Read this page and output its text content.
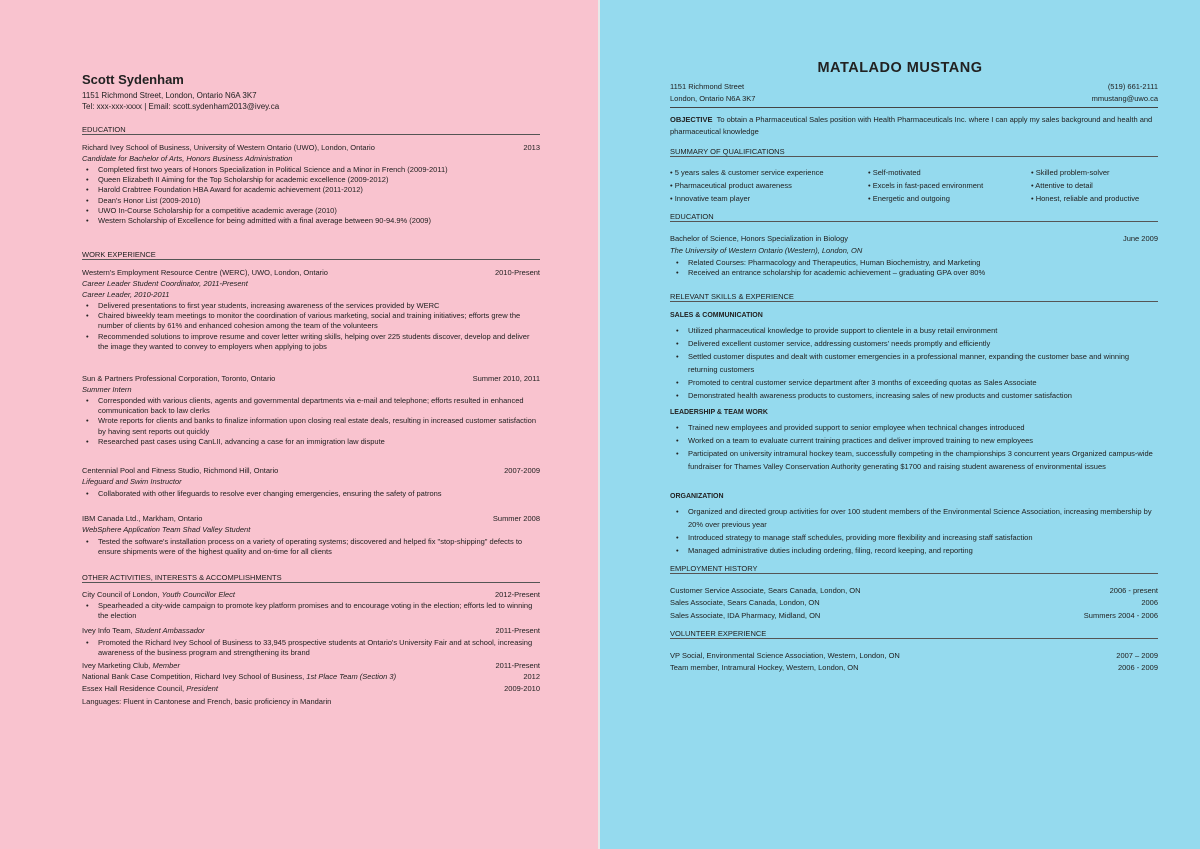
Scott Sydenham
1151 Richmond Street, London, Ontario N6A 3K7
Tel: xxx-xxx-xxxx | Email: scott.sydenham2013@ivey.ca
EDUCATION
Richard Ivey School of Business, University of Western Ontario (UWO), London, Ontario	2013
Candidate for Bachelor of Arts, Honors Business Administration
• Completed first two years of Honors Specialization in Political Science and a Minor in French (2009-2011)
• Queen Elizabeth II Aiming for the Top Scholarship for academic excellence (2009-2012)
• Harold Crabtree Foundation HBA Award for academic achievement (2011-2012)
• Dean's Honor List (2009-2010)
• UWO In-Course Scholarship for a competitive academic average (2010)
• Western Scholarship of Excellence for being admitted with a final average between 90-94.9% (2009)
WORK EXPERIENCE
Western's Employment Resource Centre (WERC), UWO, London, Ontario	2010-Present
Career Leader Student Coordinator, 2011-Present
Career Leader, 2010-2011
• Delivered presentations to first year students, increasing awareness of the services provided by WERC
• Chaired biweekly team meetings to monitor the coordination of various marketing, social and training initiatives; efforts grew the number of clients by 61% and enhanced cohesion among the team of the volunteers
• Recommended solutions to improve resume and cover letter writing skills, helping over 225 students discover, develop and deliver the image they wanted to convey to employers when applying to jobs
Sun & Partners Professional Corporation, Toronto, Ontario	Summer 2010, 2011
Summer Intern
• Corresponded with various clients, agents and governmental departments via e-mail and telephone; efforts resulted in enhanced communication back to law clerks
• Wrote reports for clients and banks to finalize information upon closing real estate deals, resulting in increased customer satisfaction by having sent reports out quickly
• Researched past cases using CanLII, advancing a case for an immigration law dispute
Centennial Pool and Fitness Studio, Richmond Hill, Ontario	2007-2009
Lifeguard and Swim Instructor
• Collaborated with other lifeguards to resolve ever changing emergencies, ensuring the safety of patrons
IBM Canada Ltd., Markham, Ontario	Summer 2008
WebSphere Application Team Shad Valley Student
• Tested the software's installation process on a variety of operating systems; discovered and helped fix "stop-shipping" defects to ensure shipments were of the highest quality and on-time for all clients
OTHER ACTIVITIES, INTERESTS & ACCOMPLISHMENTS
City Council of London, Youth Councillor Elect	2012-Present
• Spearheaded a city-wide campaign to promote key platform promises and to encourage voting in the election; efforts led to winning the election
Ivey Info Team, Student Ambassador	2011-Present
• Promoted the Richard Ivey School of Business to 33,945 prospective students at Ontario's University Fair and at school, increasing awareness of the business program and strengthening its brand
Ivey Marketing Club, Member	2011-Present
National Bank Case Competition, Richard Ivey School of Business, 1st Place Team (Section 3)	2012
Essex Hall Residence Council, President	2009-2010
Languages: Fluent in Cantonese and French, basic proficiency in Mandarin
MATALADO MUSTANG
1151 Richmond Street	(519) 661-2111
London, Ontario N6A 3K7	mmustang@uwo.ca
OBJECTIVE To obtain a Pharmaceutical Sales position with Health Pharmaceuticals Inc. where I can apply my sales background and health and pharmaceutical knowledge
SUMMARY OF QUALIFICATIONS
• 5 years sales & customer service experience	• Self-motivated	• Skilled problem-solver
• Pharmaceutical product awareness	• Excels in fast-paced environment	• Attentive to detail
• Innovative team player	• Energetic and outgoing	• Honest, reliable and productive
EDUCATION
Bachelor of Science, Honors Specialization in Biology	June 2009
The University of Western Ontario (Western), London, ON
• Related Courses: Pharmacology and Therapeutics, Human Biochemistry, and Marketing
• Received an entrance scholarship for academic achievement – graduating GPA over 80%
RELEVANT SKILLS & EXPERIENCE
SALES & COMMUNICATION
• Utilized pharmaceutical knowledge to provide support to clientele in a busy retail environment
• Delivered excellent customer service, addressing customers' needs promptly and efficiently
• Settled customer disputes and dealt with customer emergencies in a professional manner, expanding the customer base and winning returning customers
• Promoted to central customer service department after 3 months of exceeding quotas as Sales Associate
• Demonstrated health awareness products to customers, increasing sales of new products and customer satisfaction
LEADERSHIP & TEAM WORK
• Trained new employees and provided support to senior employee when technical changes introduced
• Worked on a team to evaluate current training practices and deliver improved training to new employees
• Participated on university intramural hockey team, successfully competing in the championships 3 concurrent years Organized campus-wide fundraiser for Thames Valley Conservation Authority generating $1700 and raising student awareness of environmental issues
ORGANIZATION
• Organized and directed group activities for over 100 student members of the Environmental Science Association, increasing membership by 20% over previous year
• Introduced strategy to manage staff schedules, providing more flexibility and increasing staff satisfaction
• Managed administrative duties including ordering, filing, record keeping, and reporting
EMPLOYMENT HISTORY
Customer Service Associate, Sears Canada, London, ON	2006 - present
Sales Associate, Sears Canada, London, ON	2006
Sales Associate, IDA Pharmacy, Midland, ON	Summers 2004 - 2006
VOLUNTEER EXPERIENCE
VP Social, Environmental Science Association, Western, London, ON	2007 – 2009
Team member, Intramural Hockey, Western, London, ON	2006 - 2009
